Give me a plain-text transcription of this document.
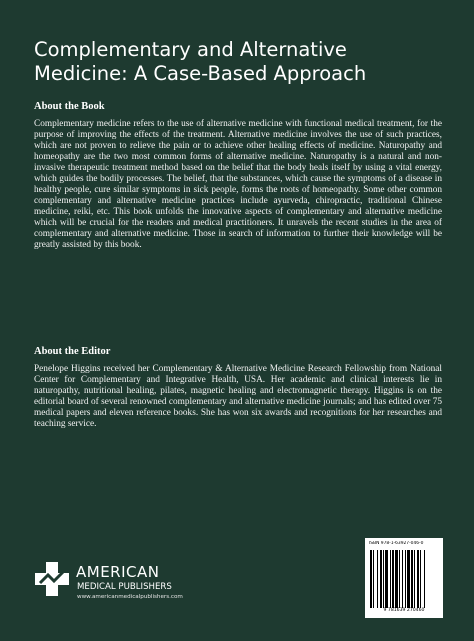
Complementary and Alternative
Medicine: A Case-Based Approach
About the Book

Complementary medicine refers to the use of alternative medicine with functional medical treatment, for the purpose of improving the effects of the treatment. Alternative medicine involves the use of such practices, which are not proven to relieve the pain or to achieve other healing effects of medicine. Naturopathy and homeopathy are the two most common forms of alternative medicine. Naturopathy is a natural and non-invasive therapeutic treatment method based on the belief that the body heals itself by using a vital energy, which guides the bodily processes. The belief, that the substances, which cause the symptoms of a disease in healthy people, cure similar symptoms in sick people, forms the roots of homeopathy. Some other common complementary and alternative medicine practices include ayurveda, chiropractic, traditional Chinese medicine, reiki, etc. This book unfolds the innovative aspects of complementary and alternative medicine which will be crucial for the readers and medical practitioners. It unravels the recent studies in the area of complementary and alternative medicine. Those in search of information to further their knowledge will be greatly assisted by this book.

About the Editor

Penelope Higgins received her Complementary & Alternative Medicine Research Fellowship from National Center for Complementary and Integrative Health, USA. Her academic and clinical interests lie in naturopathy, nutritional healing, pilates, magnetic healing and electromagnetic therapy. Higgins is on the editorial board of several renowned complementary and alternative medicine journals; and has edited over 75 medical papers and eleven reference books. She has won six awards and recognitions for her researches and teaching service.

AMERICAN
MEDICAL PUBLISHERS
www.americanmedicalpublishers.com
ISBN 978-1-63927-046-0
9 781639 270460
